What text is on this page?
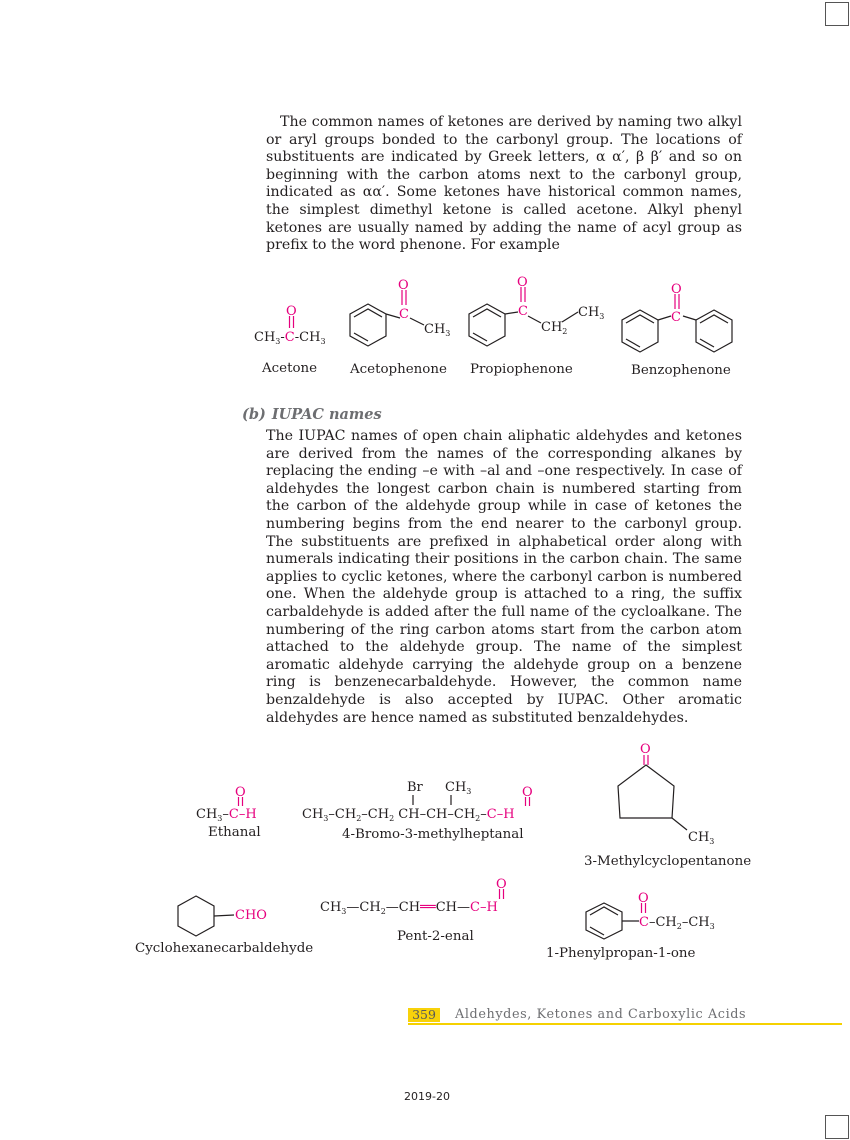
The common names of ketones are derived by naming two alkyl or aryl groups bonded to the carbonyl group. The locations of substituents are indicated by Greek letters, α α′, β β′ and so on beginning with the carbon atoms next to the carbonyl group, indicated as αα′. Some ketones have historical common names, the simplest dimethyl ketone is called acetone. Alkyl phenyl ketones are usually named by adding the name of acyl group as prefix to the word phenone. For example

O
$CH_3-C-CH_3$
O
C
$CH_3$
O
C
$CH_2$
$CH_3$
O
C
Acetone Acetophenone Propiophenone	Benzophenone
(b) IUPAC names

The IUPAC names of open chain aliphatic aldehydes and ketones are derived from the names of the corresponding alkanes by replacing the ending –e with –al and –one respectively. In case of aldehydes the longest carbon chain is numbered starting from the carbon of the aldehyde group while in case of ketones the numbering begins from the end nearer to the carbonyl group. The substituents are prefixed in alphabetical order along with numerals indicating their positions in the carbon chain. The same applies to cyclic ketones, where the carbonyl carbon is numbered one. When the aldehyde group is attached to a ring, the suffix carbaldehyde is added after the full name of the cycloalkane. The numbering of the ring carbon atoms start from the carbon atom attached to the aldehyde group. The name of the simplest aromatic aldehyde carrying the aldehyde group on a benzene ring is benzenecarbaldehyde. However, the common name benzaldehyde is also accepted by IUPAC. Other aromatic aldehydes are hence named as substituted benzaldehydes.

O
$CH_3-C-H$
Br $CH_3$	O
$CH_3-CH_2-CH_2$ $CH-CH-CH_2-C-H$
O
$CH_3$
CHO
O
$CH_3—CH_2—CH══CH—C-H$
O
$C-CH_2-CH_3$
Ethanal	4-Bromo-3-methylheptanal
3-Methylcyclopentanone
Cyclohexanecarbaldehyde
Pent-2-enal
1-Phenylpropan-1-one
359	Aldehydes, Ketones and Carboxylic Acids
2019-20
